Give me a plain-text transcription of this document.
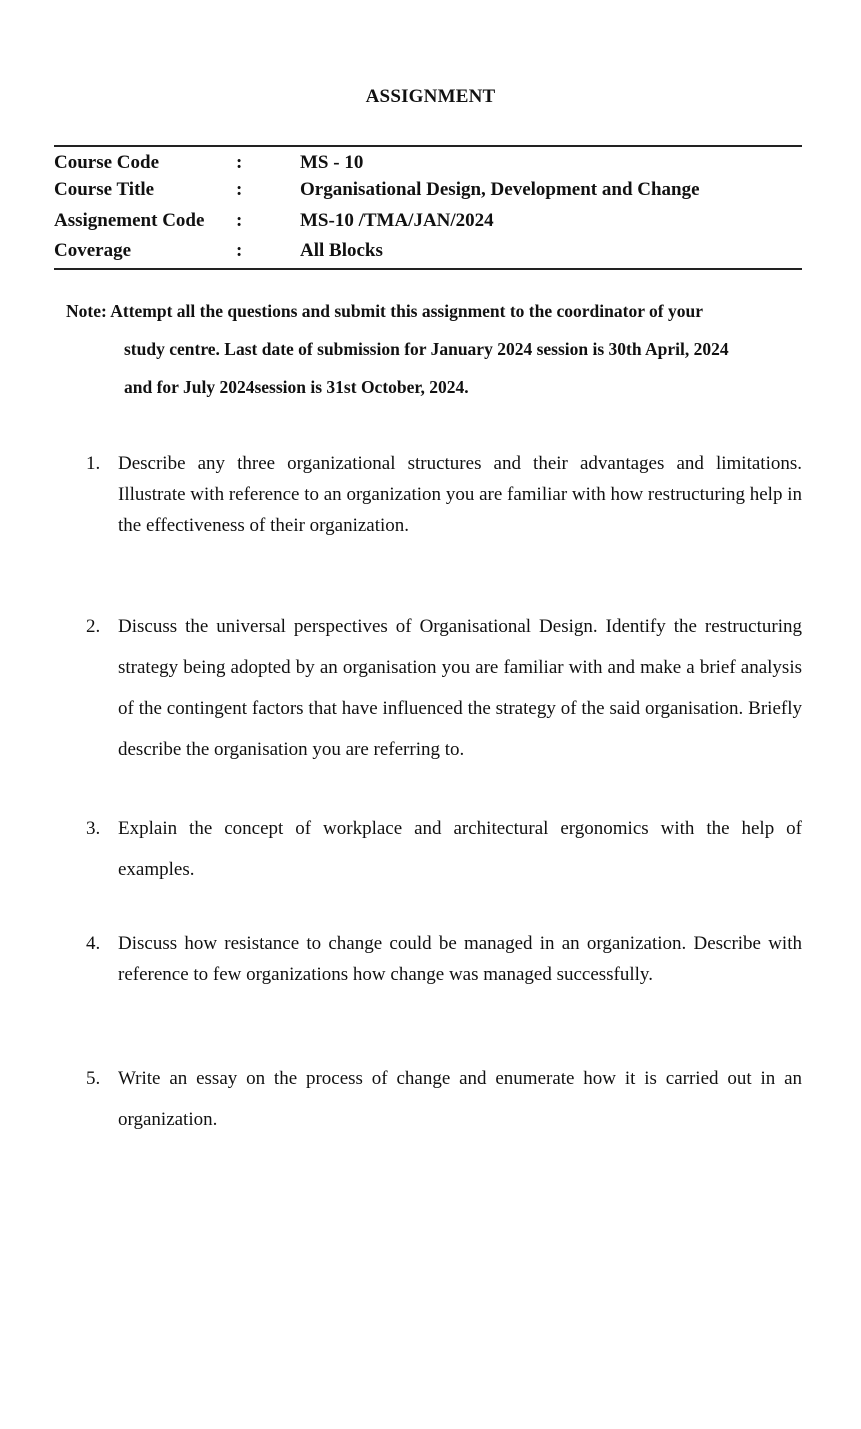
ASSIGNMENT
Course Code	:	MS - 10
Course Title	:	Organisational Design, Development and Change
Assignement Code	:	MS-10 /TMA/JAN/2024
Coverage	:	All Blocks
Note: Attempt all the questions and submit this assignment to the coordinator of your
study centre. Last date of submission for January 2024 session is 30th April, 2024
and for July 2024session is 31st October, 2024.
1. Describe any three organizational structures and their advantages and limitations. Illustrate with reference to an organization you are familiar with how restructuring help in the effectiveness of their organization.
2. Discuss the universal perspectives of Organisational Design. Identify the restructuring strategy being adopted by an organisation you are familiar with and make a brief analysis of the contingent factors that have influenced the strategy of the said organisation. Briefly describe the organisation you are referring to.
3. Explain the concept of workplace and architectural ergonomics with the help of examples.
4. Discuss how resistance to change could be managed in an organization. Describe with reference to few organizations how change was managed successfully.
5. Write an essay on the process of change and enumerate how it is carried out in an organization.
